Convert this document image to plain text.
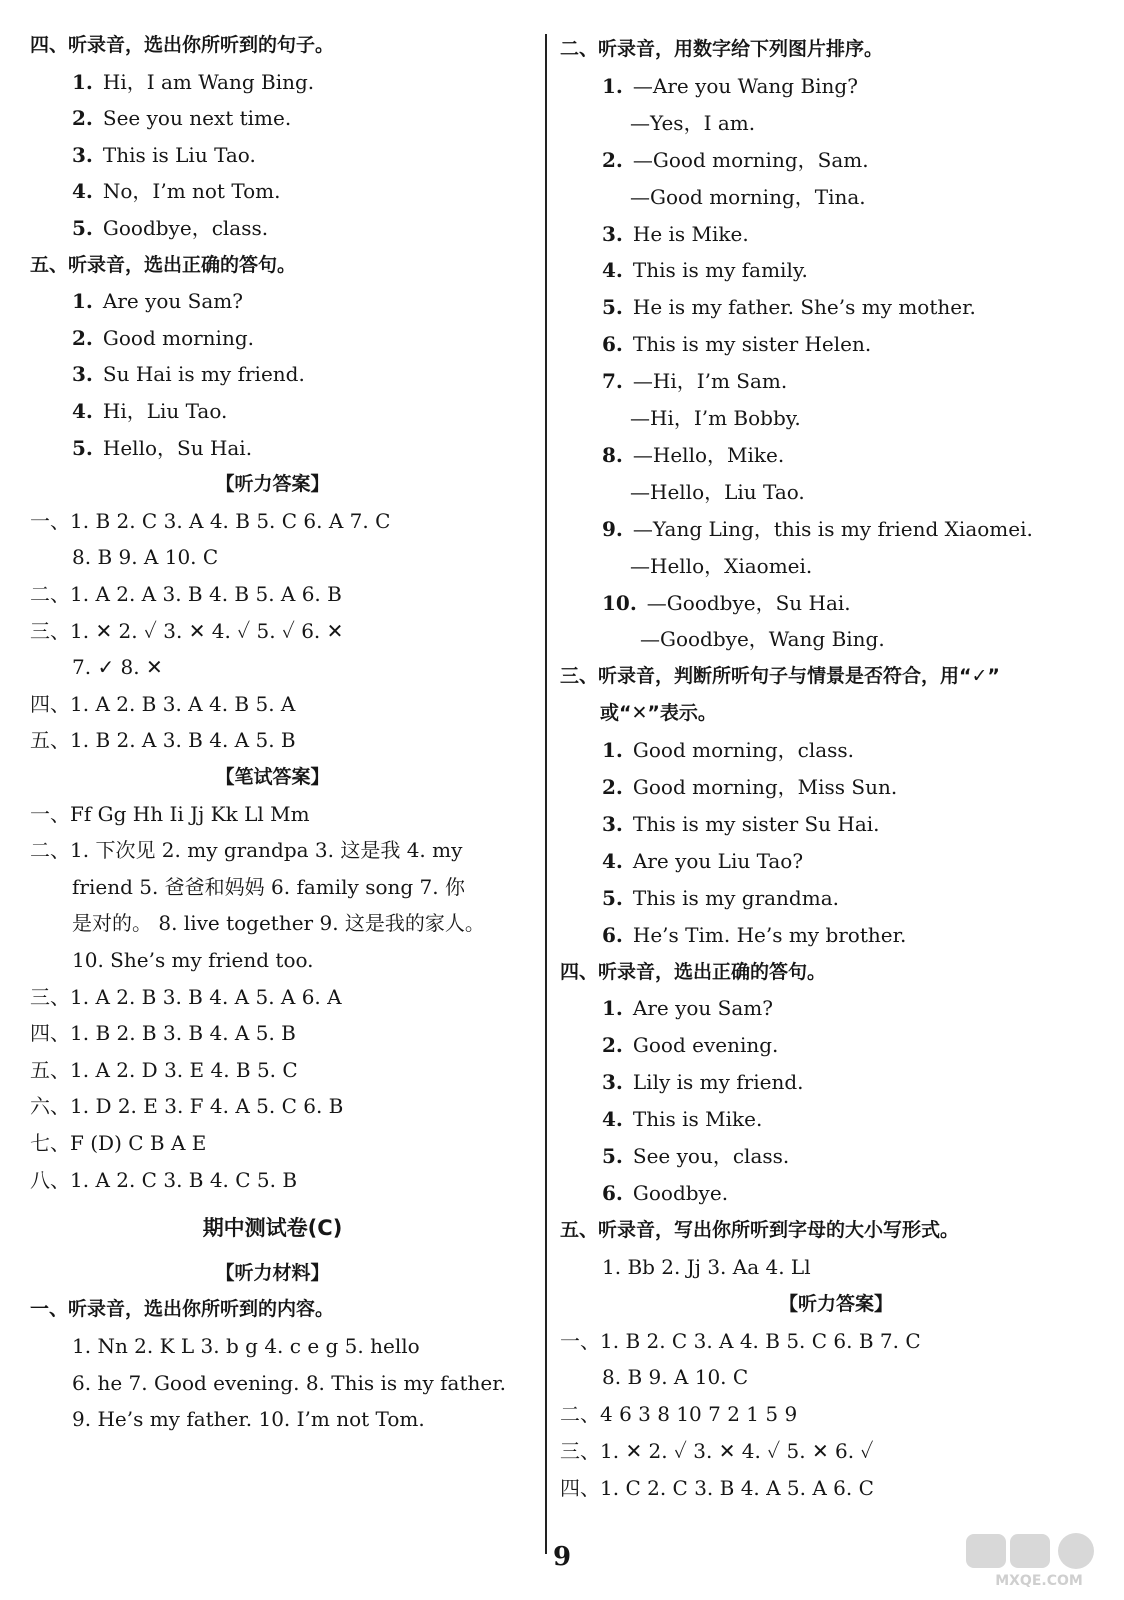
四、听录音，选出你所听到的句子。
1. Hi，I am Wang Bing.
2. See you next time.
3. This is Liu Tao.
4. No，I’m not Tom.
5. Goodbye，class.
五、听录音，选出正确的答句。
1. Are you Sam?
2. Good morning.
3. Su Hai is my friend.
4. Hi，Liu Tao.
5. Hello，Su Hai.
【听力答案】
一、1. B 2. C 3. A 4. B 5. C 6. A 7. C
8. B 9. A 10. C
二、1. A 2. A 3. B 4. B 5. A 6. B
三、1. ✕ 2. ✓ 3. ✕ 4. ✓ 5. ✓ 6. ✕
7. ✓ 8. ✕
四、1. A 2. B 3. A 4. B 5. A
五、1. B 2. A 3. B 4. A 5. B
【笔试答案】
一、Ff Gg Hh Ii Jj Kk Ll Mm
二、1. 下次见 2. my grandpa 3. 这是我 4. my
friend 5. 爸爸和妈妈 6. family song 7. 你
是对的。 8. live together 9. 这是我的家人。
10. She’s my friend too.
三、1. A 2. B 3. B 4. A 5. A 6. A
四、1. B 2. B 3. B 4. A 5. B
五、1. A 2. D 3. E 4. B 5. C
六、1. D 2. E 3. F 4. A 5. C 6. B
七、F (D) C B A E
八、1. A 2. C 3. B 4. C 5. B
期中测试卷(C)
【听力材料】
一、听录音，选出你所听到的内容。
1. Nn 2. K L 3. b g 4. c e g 5. hello
6. he 7. Good evening. 8. This is my father.
9. He’s my father. 10. I’m not Tom.
二、听录音，用数字给下列图片排序。
1. —Are you Wang Bing?
—Yes，I am.
2. —Good morning，Sam.
—Good morning，Tina.
3. He is Mike.
4. This is my family.
5. He is my father. She’s my mother.
6. This is my sister Helen.
7. —Hi，I’m Sam.
—Hi，I’m Bobby.
8. —Hello，Mike.
—Hello，Liu Tao.
9. —Yang Ling，this is my friend Xiaomei.
—Hello，Xiaomei.
10. —Goodbye，Su Hai.
—Goodbye，Wang Bing.
三、听录音，判断所听句子与情景是否符合，用“✓”
或“✕”表示。
1. Good morning，class.
2. Good morning，Miss Sun.
3. This is my sister Su Hai.
4. Are you Liu Tao?
5. This is my grandma.
6. He’s Tim. He’s my brother.
四、听录音，选出正确的答句。
1. Are you Sam?
2. Good evening.
3. Lily is my friend.
4. This is Mike.
5. See you，class.
6. Goodbye.
五、听录音，写出你所听到字母的大小写形式。
1. Bb 2. Jj 3. Aa 4. Ll
【听力答案】
一、1. B 2. C 3. A 4. B 5. C 6. B 7. C
8. B 9. A 10. C
二、4 6 3 8 10 7 2 1 5 9
三、1. ✕ 2. ✓ 3. ✕ 4. ✓ 5. ✕ 6. ✓
四、1. C 2. C 3. B 4. A 5. A 6. C
9
MXQE.COM
